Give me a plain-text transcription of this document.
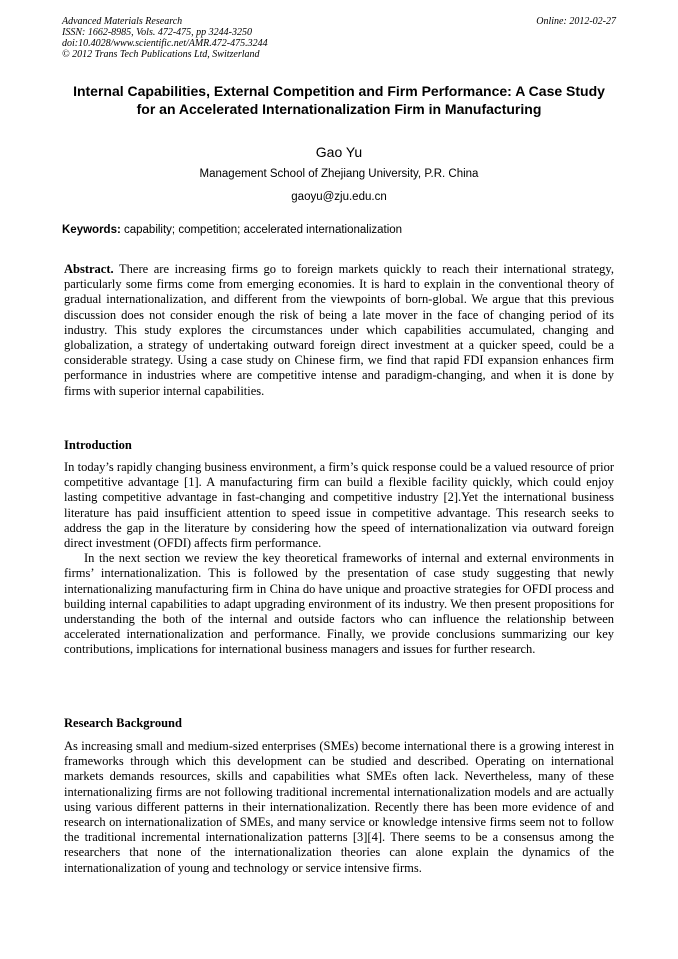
Advanced Materials Research
ISSN: 1662-8985, Vols. 472-475, pp 3244-3250
doi:10.4028/www.scientific.net/AMR.472-475.3244
© 2012 Trans Tech Publications Ltd, Switzerland
Online: 2012-02-27
Internal Capabilities, External Competition and Firm Performance: A Case Study for an Accelerated Internationalization Firm in Manufacturing
Gao Yu
Management School of Zhejiang University, P.R. China
gaoyu@zju.edu.cn
Keywords: capability; competition; accelerated internationalization

Abstract. There are increasing firms go to foreign markets quickly to reach their international strategy, particularly some firms come from emerging economies. It is hard to explain in the conventional theory of gradual internationalization, and different from the viewpoints of born-global. We argue that this previous discussion does not consider enough the risk of being a late mover in the face of changing period of its industry. This study explores the circumstances under which capabilities accumulated, changing and globalization, a strategy of undertaking outward foreign direct investment at a quicker speed, could be a considerable strategy. Using a case study on Chinese firm, we find that rapid FDI expansion enhances firm performance in industries where are competitive intense and paradigm-changing, and when it is done by firms with superior internal capabilities.

Introduction

In today’s rapidly changing business environment, a firm’s quick response could be a valued resource of prior competitive advantage [1]. A manufacturing firm can build a flexible facility quickly, which could enjoy lasting competitive advantage in fast-changing and competitive industry [2].Yet the international business literature has paid insufficient attention to speed issue in competitive advantage. This research seeks to address the gap in the literature by considering how the speed of internationalization via outward foreign direct investment (OFDI) affects firm performance.

In the next section we review the key theoretical frameworks of internal and external environments in firms’ internationalization. This is followed by the presentation of case study suggesting that newly internationalizing manufacturing firm in China do have unique and proactive strategies for OFDI process and building internal capabilities to adapt upgrading environment of its industry. We then present propositions for understanding the both of the internal and outside factors who can influence the relationship between accelerated internationalization and performance. Finally, we provide conclusions summarizing our key contributions, implications for international business managers and issues for further research.

Research Background

As increasing small and medium-sized enterprises (SMEs) become international there is a growing interest in frameworks through which this development can be studied and described. Operating on international markets demands resources, skills and capabilities what SMEs often lack. Nevertheless, many of these internationalizing firms are not following traditional incremental internationalization models and are actually using various different patterns in their internationalization. Recently there has been more evidence of and research on internationalization of SMEs, and many service or knowledge intensive firms seem not to follow the traditional incremental internationalization patterns [3][4]. There seems to be a consensus among the researchers that none of the internationalization theories can alone explain the dynamics of the internationalization of young and technology or service intensive firms.
